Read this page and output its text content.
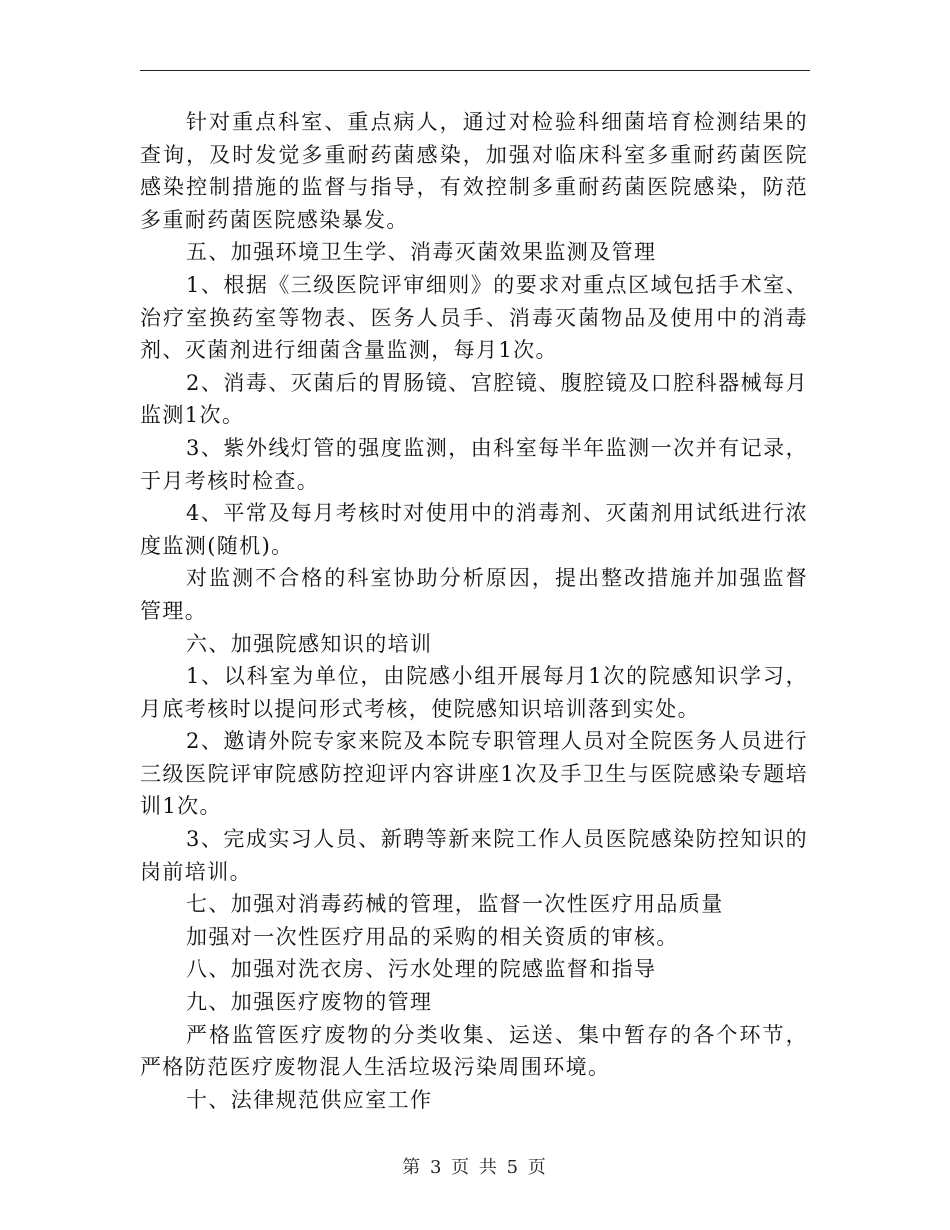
针对重点科室、重点病人，通过对检验科细菌培育检测结果的查询，及时发觉多重耐药菌感染，加强对临床科室多重耐药菌医院感染控制措施的监督与指导，有效控制多重耐药菌医院感染，防范多重耐药菌医院感染暴发。

五、加强环境卫生学、消毒灭菌效果监测及管理

1、根据《三级医院评审细则》的要求对重点区域包括手术室、治疗室换药室等物表、医务人员手、消毒灭菌物品及使用中的消毒剂、灭菌剂进行细菌含量监测，每月1次。

2、消毒、灭菌后的胃肠镜、宫腔镜、腹腔镜及口腔科器械每月监测1次。

3、紫外线灯管的强度监测，由科室每半年监测一次并有记录，于月考核时检查。

4、平常及每月考核时对使用中的消毒剂、灭菌剂用试纸进行浓度监测(随机)。

对监测不合格的科室协助分析原因，提出整改措施并加强监督管理。

六、加强院感知识的培训

1、以科室为单位，由院感小组开展每月1次的院感知识学习，月底考核时以提问形式考核，使院感知识培训落到实处。

2、邀请外院专家来院及本院专职管理人员对全院医务人员进行三级医院评审院感防控迎评内容讲座1次及手卫生与医院感染专题培训1次。

3、完成实习人员、新聘等新来院工作人员医院感染防控知识的岗前培训。

七、加强对消毒药械的管理，监督一次性医疗用品质量

加强对一次性医疗用品的采购的相关资质的审核。

八、加强对洗衣房、污水处理的院感监督和指导

九、加强医疗废物的管理

严格监管医疗废物的分类收集、运送、集中暂存的各个环节，严格防范医疗废物混人生活垃圾污染周围环境。

十、法律规范供应室工作

第 3 页 共 5 页
